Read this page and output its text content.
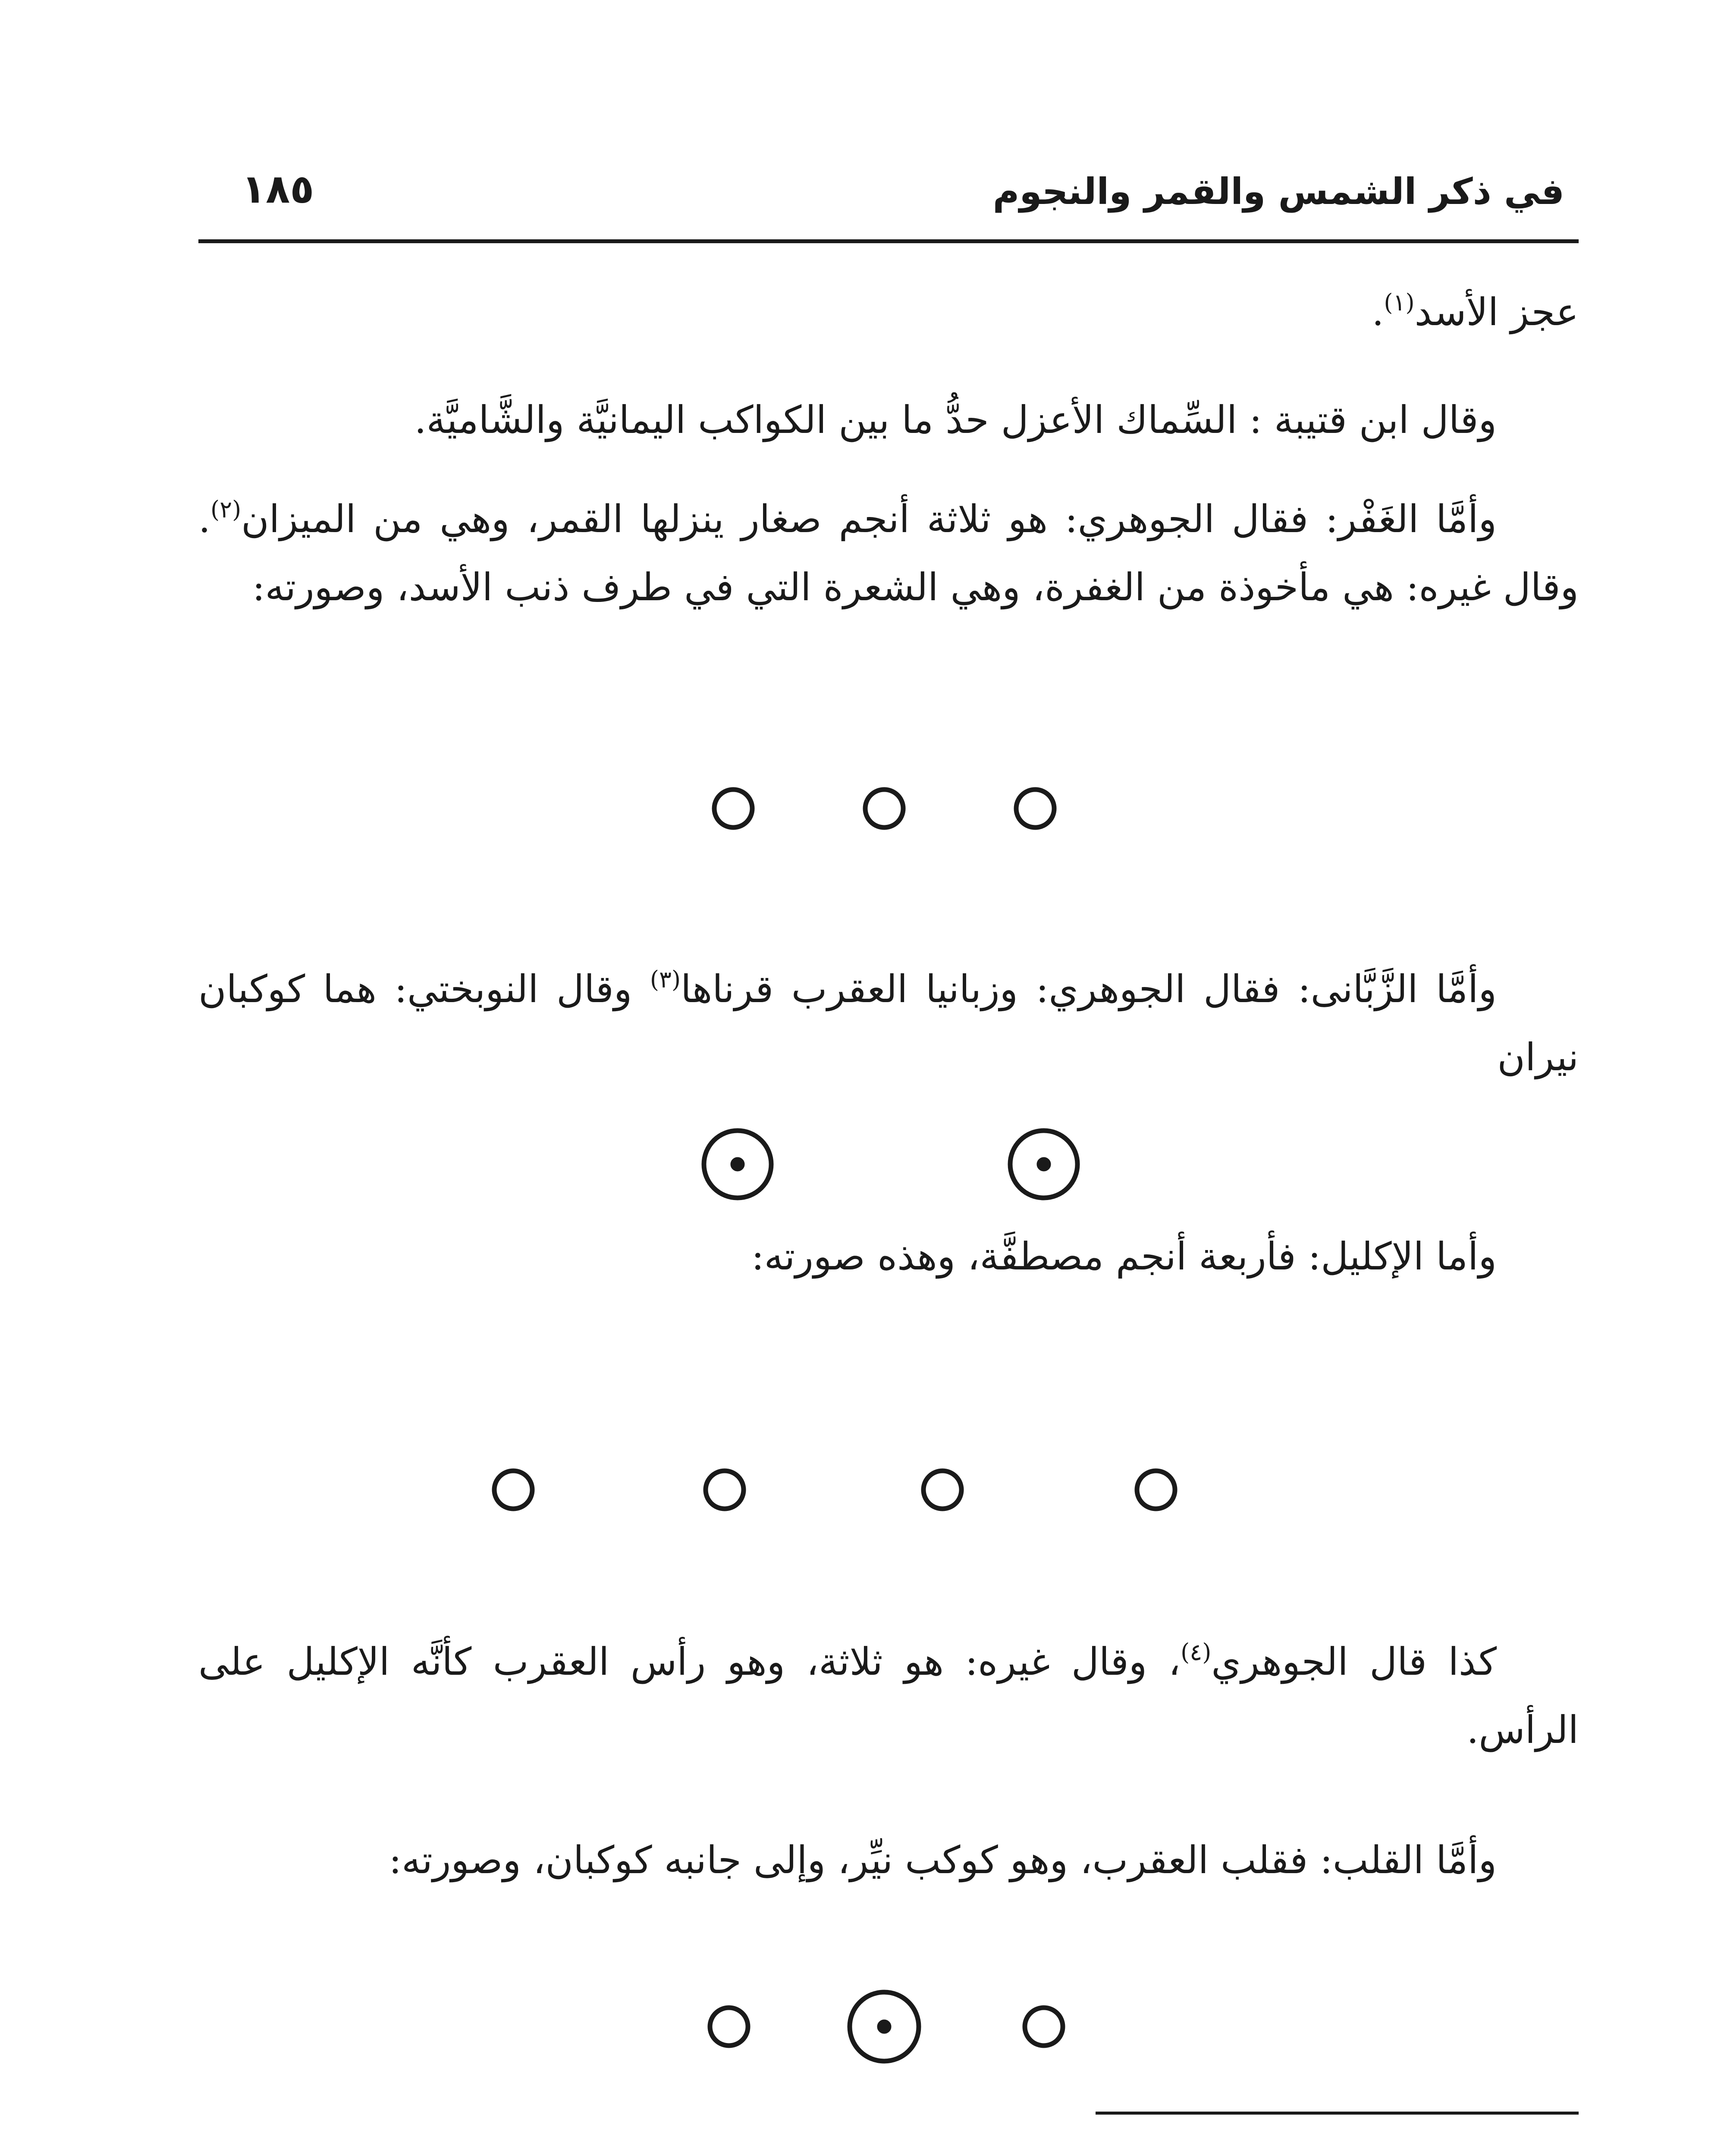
في ذكر الشمس والقمر والنجوم
١٨٥

عجز الأسد$^{(١)}$.

وقال ابن قتيبة : السِّماك الأعزل حدُّ ما بين الكواكب اليمانيَّة والشَّاميَّة.

وأمَّا الغَفْر: فقال الجوهري: هو ثلاثة أنجم صغار ينزلها القمر، وهي من الميزان$^{(٢)}$. وقال غيره: هي مأخوذة من الغفرة، وهي الشعرة التي في طرف ذنب الأسد، وصورته:

وأمَّا الزَّبَّانى: فقال الجوهري: وزبانيا العقرب قرناها$^{(٣)}$ وقال النوبختي: هما كوكبان نيران

وأما الإكليل: فأربعة أنجم مصطفَّة، وهذه صورته:

كذا قال الجوهري$^{(٤)}$، وقال غيره: هو ثلاثة، وهو رأس العقرب كأنَّه الإكليل على الرأس.

وأمَّا القلب: فقلب العقرب، وهو كوكب نيِّر، وإلى جانبه كوكبان، وصورته:
